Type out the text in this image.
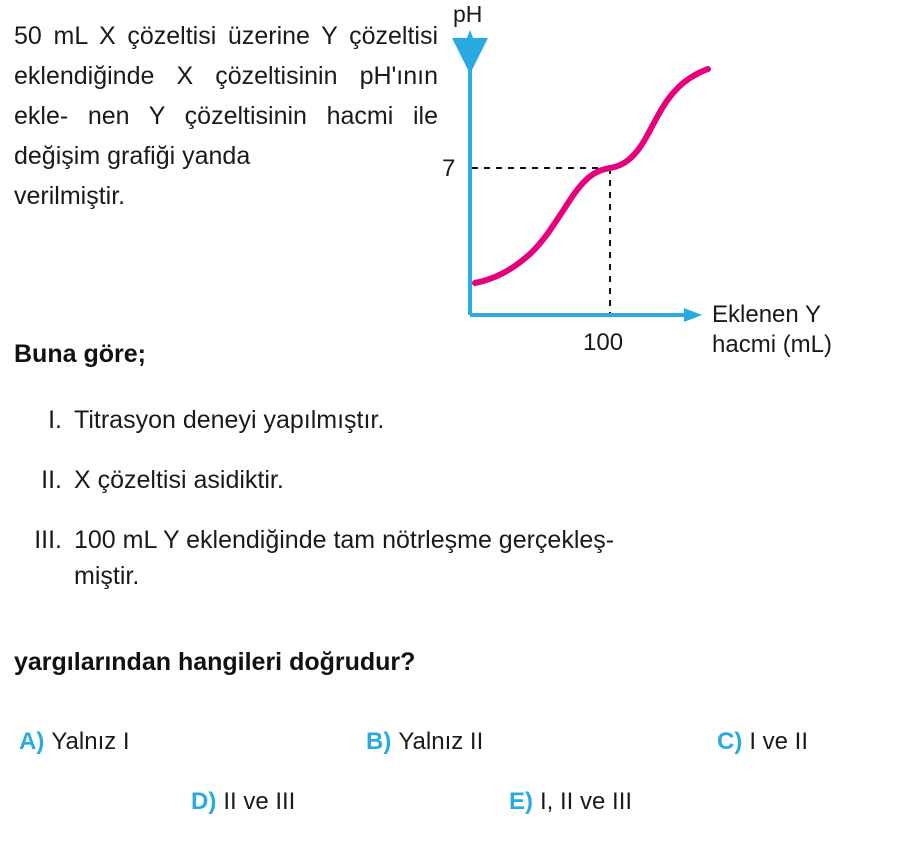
50 mL X çözeltisi üzerine Y çözeltisi eklendiğinde X çözeltisinin pH'ının ekle- nen Y çözeltisinin hacmi ile değişim grafiği yanda
verilmiştir.
Buna göre;
pH
7
100
Eklenen Y
hacmi (mL)
I. Titrasyon deneyi yapılmıştır.
II. X çözeltisi asidiktir.
III. 100 mL Y eklendiğinde tam nötrleşme gerçekleş-
miştir.
yargılarından hangileri doğrudur?
A) Yalnız I	B) Yalnız II	C) I ve II
D) II ve III	E) I, II ve III
